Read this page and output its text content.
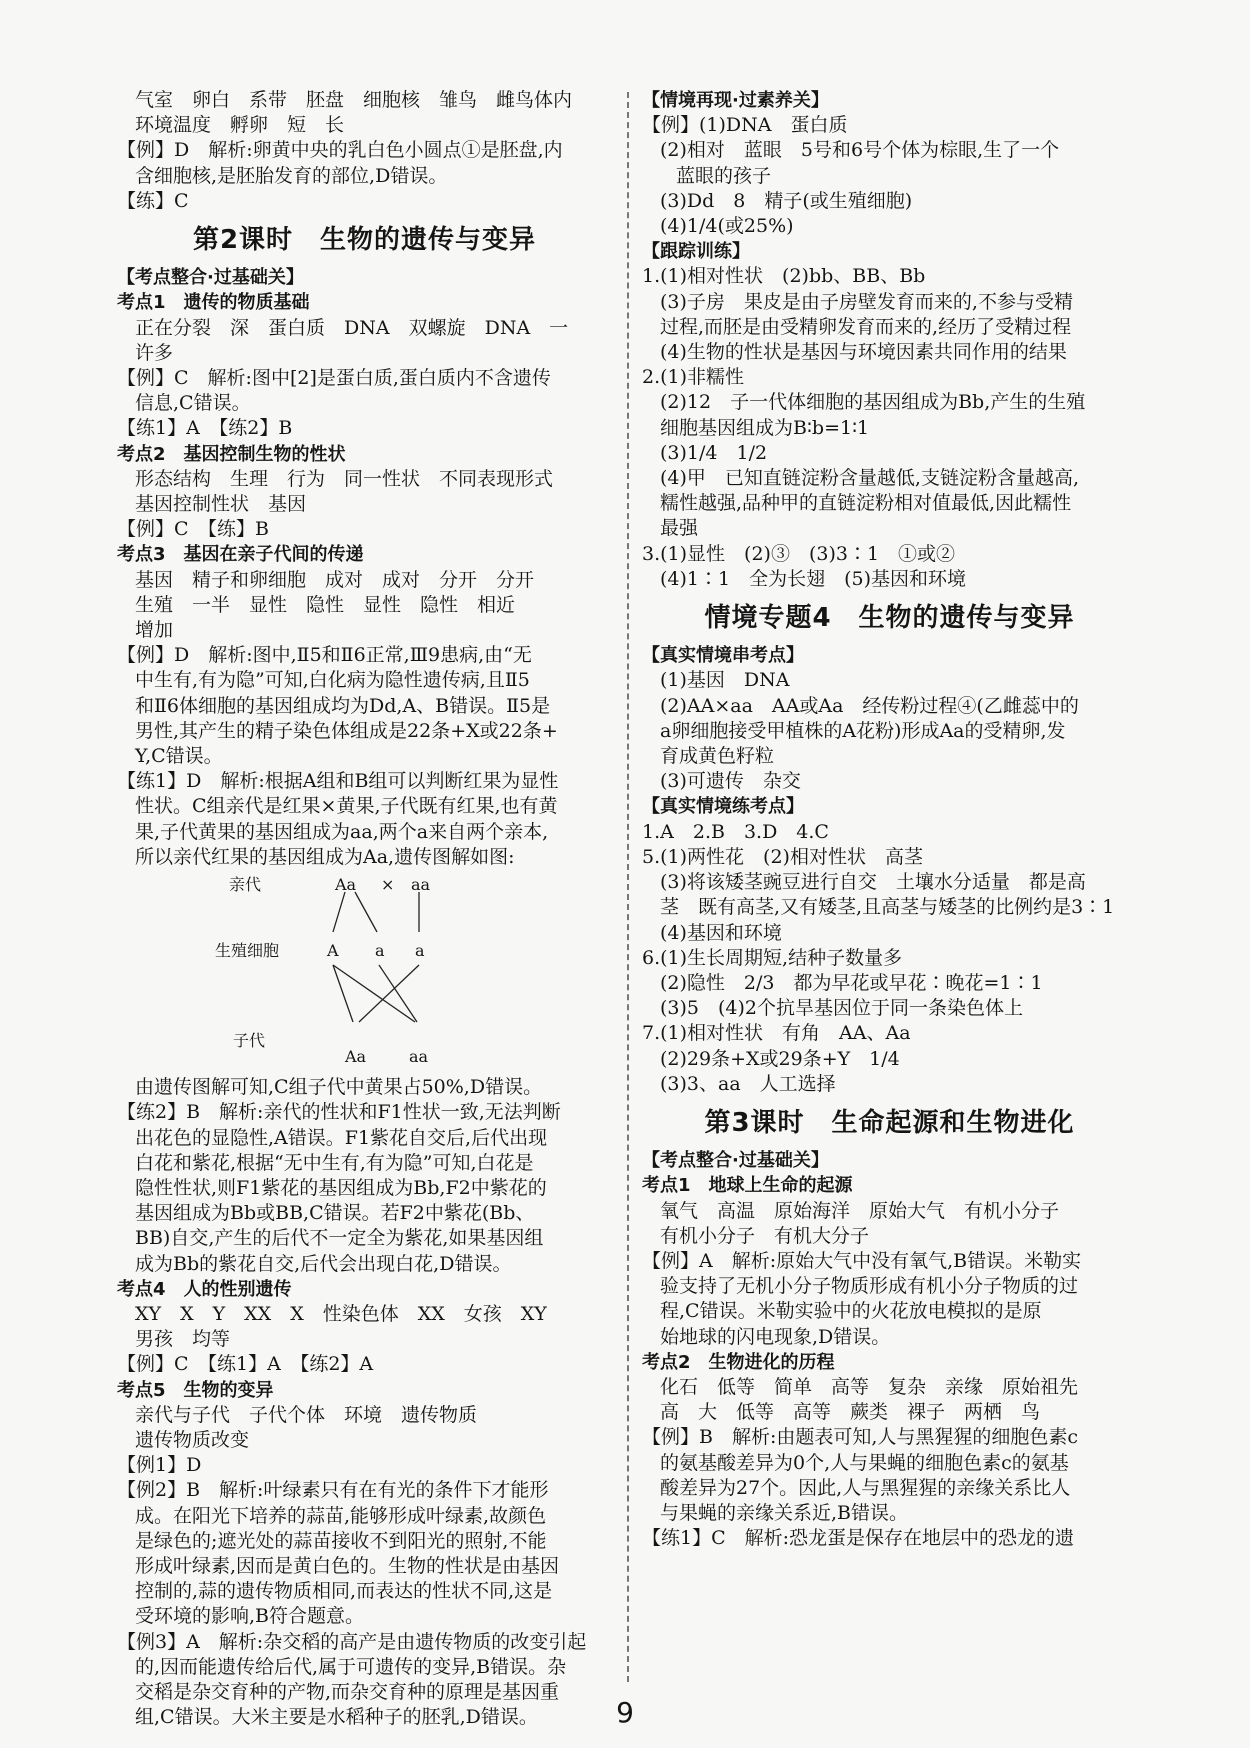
气室　卵白　系带　胚盘　细胞核　雏鸟　雌鸟体内
环境温度　孵卵　短　长
【例】D　解析:卵黄中央的乳白色小圆点①是胚盘,内
含细胞核,是胚胎发育的部位,D错误。
【练】C
第2课时　生物的遗传与变异
【考点整合·过基础关】
考点1　遗传的物质基础
正在分裂　深　蛋白质　DNA　双螺旋　DNA　一
许多
【例】C　解析:图中[2]是蛋白质,蛋白质内不含遗传
信息,C错误。
【练1】A　【练2】B
考点2　基因控制生物的性状
形态结构　生理　行为　同一性状　不同表现形式
基因控制性状　基因
【例】C　【练】B
考点3　基因在亲子代间的传递
基因　精子和卵细胞　成对　成对　分开　分开
生殖　一半　显性　隐性　显性　隐性　相近
增加
【例】D　解析:图中,Ⅱ5和Ⅱ6正常,Ⅲ9患病,由“无
中生有,有为隐”可知,白化病为隐性遗传病,且Ⅱ5
和Ⅱ6体细胞的基因组成均为Dd,A、B错误。Ⅱ5是
男性,其产生的精子染色体组成是22条+X或22条+
Y,C错误。
【练1】D　解析:根据A组和B组可以判断红果为显性
性状。C组亲代是红果×黄果,子代既有红果,也有黄
果,子代黄果的基因组成为aa,两个a来自两个亲本,
所以亲代红果的基因组成为Aa,遗传图解如图:
亲代	Aa × aa
生殖细胞	A a a
子代
Aa	aa
由遗传图解可知,C组子代中黄果占50%,D错误。
【练2】B　解析:亲代的性状和F1性状一致,无法判断
出花色的显隐性,A错误。F1紫花自交后,后代出现
白花和紫花,根据“无中生有,有为隐”可知,白花是
隐性性状,则F1紫花的基因组成为Bb,F2中紫花的
基因组成为Bb或BB,C错误。若F2中紫花(Bb、
BB)自交,产生的后代不一定全为紫花,如果基因组
成为Bb的紫花自交,后代会出现白花,D错误。
考点4　人的性别遗传
XY　X　Y　XX　X　性染色体　XX　女孩　XY
男孩　均等
【例】C　【练1】A　【练2】A
考点5　生物的变异
亲代与子代　子代个体　环境　遗传物质
遗传物质改变
【例1】D
【例2】B　解析:叶绿素只有在有光的条件下才能形
成。在阳光下培养的蒜苗,能够形成叶绿素,故颜色
是绿色的;遮光处的蒜苗接收不到阳光的照射,不能
形成叶绿素,因而是黄白色的。生物的性状是由基因
控制的,蒜的遗传物质相同,而表达的性状不同,这是
受环境的影响,B符合题意。
【例3】A　解析:杂交稻的高产是由遗传物质的改变引起
的,因而能遗传给后代,属于可遗传的变异,B错误。杂
交稻是杂交育种的产物,而杂交育种的原理是基因重
组,C错误。大米主要是水稻种子的胚乳,D错误。
【情境再现·过素养关】
【例】(1)DNA　蛋白质
(2)相对　蓝眼　5号和6号个体为棕眼,生了一个
蓝眼的孩子
(3)Dd　8　精子(或生殖细胞)
(4)1/4(或25%)
【跟踪训练】
1.(1)相对性状　(2)bb、BB、Bb
(3)子房　果皮是由子房壁发育而来的,不参与受精
过程,而胚是由受精卵发育而来的,经历了受精过程
(4)生物的性状是基因与环境因素共同作用的结果
2.(1)非糯性
(2)12　子一代体细胞的基因组成为Bb,产生的生殖
细胞基因组成为B∶b=1∶1
(3)1/4　1/2
(4)甲　已知直链淀粉含量越低,支链淀粉含量越高,
糯性越强,品种甲的直链淀粉相对值最低,因此糯性
最强
3.(1)显性　(2)③　(3)3∶1　①或②
(4)1∶1　全为长翅　(5)基因和环境
情境专题4　生物的遗传与变异
【真实情境串考点】
(1)基因　DNA
(2)AA×aa　AA或Aa　经传粉过程④(乙雌蕊中的
a卵细胞接受甲植株的A花粉)形成Aa的受精卵,发
育成黄色籽粒
(3)可遗传　杂交
【真实情境练考点】
1.A　2.B　3.D　4.C
5.(1)两性花　(2)相对性状　高茎
(3)将该矮茎豌豆进行自交　土壤水分适量　都是高
茎　既有高茎,又有矮茎,且高茎与矮茎的比例约是3∶1
(4)基因和环境
6.(1)生长周期短,结种子数量多
(2)隐性　2/3　都为早花或早花∶晚花=1∶1
(3)5　(4)2个抗旱基因位于同一条染色体上
7.(1)相对性状　有角　AA、Aa
(2)29条+X或29条+Y　1/4
(3)3、aa　人工选择
第3课时　生命起源和生物进化
【考点整合·过基础关】
考点1　地球上生命的起源
氧气　高温　原始海洋　原始大气　有机小分子
有机小分子　有机大分子
【例】A　解析:原始大气中没有氧气,B错误。米勒实
验支持了无机小分子物质形成有机小分子物质的过
程,C错误。米勒实验中的火花放电模拟的是原
始地球的闪电现象,D错误。
考点2　生物进化的历程
化石　低等　简单　高等　复杂　亲缘　原始祖先
高　大　低等　高等　蕨类　裸子　两栖　鸟
【例】B　解析:由题表可知,人与黑猩猩的细胞色素c
的氨基酸差异为0个,人与果蝇的细胞色素c的氨基
酸差异为27个。因此,人与黑猩猩的亲缘关系比人
与果蝇的亲缘关系近,B错误。
【练1】C　解析:恐龙蛋是保存在地层中的恐龙的遗
9
